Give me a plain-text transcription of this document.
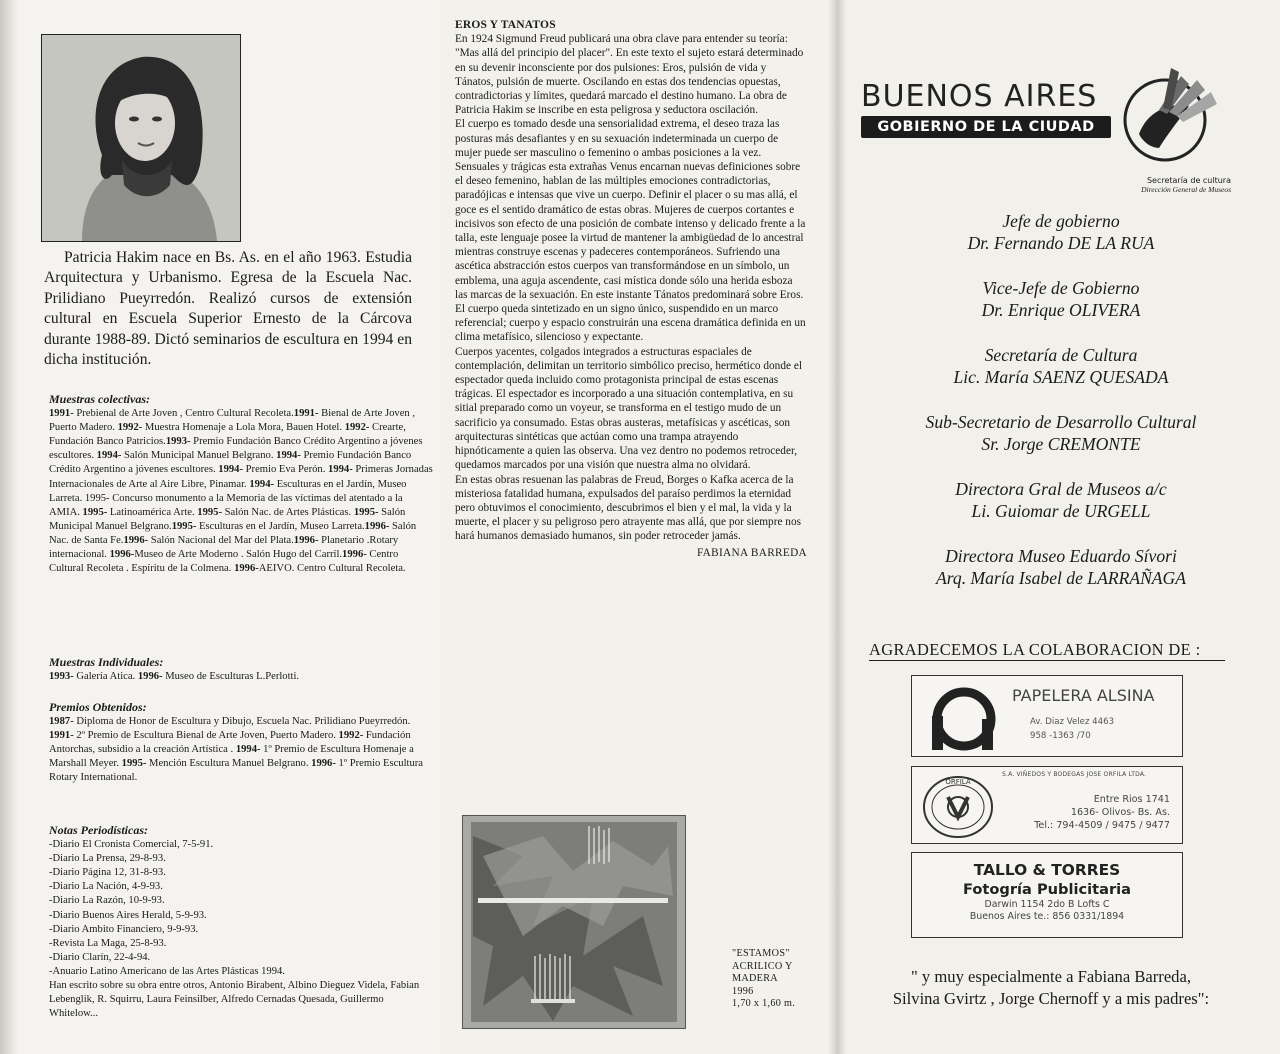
Patricia Hakim nace en Bs. As. en el año 1963. Estudia Arquitectura y Urbanismo. Egresa de la Escuela Nac. Prilidiano Pueyrredón. Realizó cursos de extensión cultural en Escuela Superior Ernesto de la Cárcova durante 1988-89. Dictó seminarios de escultura en 1994 en dicha institución.

Muestras colectivas:
1991- Prebienal de Arte Joven , Centro Cultural Recoleta.1991- Bienal de Arte Joven , Puerto Madero. 1992- Muestra Homenaje a Lola Mora, Bauen Hotel. 1992- Crearte, Fundación Banco Patricios.1993- Premio Fundación Banco Crédito Argentino a jóvenes escultores. 1994- Salón Municipal Manuel Belgrano. 1994- Premio Fundación Banco Crédito Argentino a jóvenes escultores. 1994- Premio Eva Perón. 1994- Primeras Jornadas Internacionales de Arte al Aire Libre, Pinamar. 1994- Esculturas en el Jardín, Museo Larreta. 1995- Concurso monumento a la Memoria de las víctimas del atentado a la AMIA. 1995- Latinoamérica Arte. 1995- Salón Nac. de Artes Plásticas. 1995- Salón Municipal Manuel Belgrano.1995- Esculturas en el Jardín, Museo Larreta.1996- Salón Nac. de Santa Fe.1996- Salón Nacional del Mar del Plata.1996- Planetario .Rotary internacional. 1996-Museo de Arte Moderno . Salón Hugo del Carril.1996- Centro Cultural Recoleta . Espíritu de la Colmena. 1996-AEIVO. Centro Cultural Recoleta.
Muestras Individuales:
1993- Galería Atica. 1996- Museo de Esculturas L.Perlotti.
Premios Obtenidos:
1987- Diploma de Honor de Escultura y Dibujo, Escuela Nac. Prilidiano Pueyrredón. 1991- 2º Premio de Escultura Bienal de Arte Joven, Puerto Madero. 1992- Fundación Antorchas, subsidio a la creación Artística . 1994- 1º Premio de Escultura Homenaje a Marshall Meyer. 1995- Mención Escultura Manuel Belgrano. 1996- 1º Premio Escultura Rotary International.
Notas Periodísticas:
-Diario El Cronista Comercial, 7-5-91.
-Diario La Prensa, 29-8-93.
-Diario Página 12, 31-8-93.
-Diario La Nación, 4-9-93.
-Diario La Razón, 10-9-93.
-Diario Buenos Aires Herald, 5-9-93.
-Diario Ambito Financiero, 9-9-93.
-Revista La Maga, 25-8-93.
-Diario Clarín, 22-4-94.
-Anuario Latino Americano de las Artes Plásticas 1994.
Han escrito sobre su obra entre otros, Antonio Birabent, Albino Dieguez Videla, Fabian Lebenglik, R. Squirru, Laura Feinsilber, Alfredo Cernadas Quesada, Guillermo Whitelow...
EROS Y TANATOS

En 1924 Sigmund Freud publicará una obra clave para entender su teoría: "Mas allá del principio del placer". En este texto el sujeto estará determinado en su devenir inconsciente por dos pulsiones: Eros, pulsión de vida y Tánatos, pulsión de muerte. Oscilando en estas dos tendencias opuestas, contradictorias y límites, quedará marcado el destino humano. La obra de Patricia Hakim se inscribe en esta peligrosa y seductora oscilación.

El cuerpo es tomado desde una sensorialidad extrema, el deseo traza las posturas más desafiantes y en su sexuación indeterminada un cuerpo de mujer puede ser masculino o femenino o ambas posiciones a la vez. Sensuales y trágicas esta extrañas Venus encarnan nuevas definiciones sobre el deseo femenino, hablan de las múltiples emociones contradictorias, paradójicas e intensas que vive un cuerpo. Definir el placer o su mas allá, el goce es el sentido dramático de estas obras. Mujeres de cuerpos cortantes e incisivos son efecto de una posición de combate intenso y delicado frente a la talla, este lenguaje posee la virtud de mantener la ambigüedad de lo ancestral mientras construye escenas y padeceres contemporáneos. Sufriendo una ascética abstracción estos cuerpos van transformándose en un símbolo, un emblema, una aguja ascendente, casi mística donde sólo una herida esboza las marcas de la sexuación. En este instante Tánatos predominará sobre Eros.

El cuerpo queda sintetizado en un signo único, suspendido en un marco referencial; cuerpo y espacio construirán una escena dramática definida en un clima metafísico, silencioso y expectante.

Cuerpos yacentes, colgados integrados a estructuras espaciales de contemplación, delimitan un territorio simbólico preciso, hermético donde el espectador queda incluido como protagonista principal de estas escenas trágicas. El espectador es incorporado a una situación contemplativa, en su sitial preparado como un voyeur, se transforma en el testigo mudo de un sacrificio ya consumado. Estas obras austeras, metafísicas y ascéticas, son arquitecturas sintéticas que actúan como una trampa atrayendo hipnóticamente a quien las observa. Una vez dentro no podemos retroceder, quedamos marcados por una visión que nuestra alma no olvidará.

En estas obras resuenan las palabras de Freud, Borges o Kafka acerca de la misteriosa fatalidad humana, expulsados del paraíso perdimos la eternidad pero obtuvimos el conocimiento, descubrimos el bien y el mal, la vida y la muerte, el placer y su peligroso pero atrayente mas allá, que por siempre nos hará humanos demasiado humanos, sin poder retroceder jamás.

FABIANA BARREDA
"ESTAMOS"
ACRILICO Y
MADERA
1996
1,70 x 1,60 m.
BUENOS AIRES
GOBIERNO DE LA CIUDAD
Secretaría de cultura
Dirección General de Museos
Jefe de gobierno
Dr. Fernando DE LA RUA
Vice-Jefe de Gobierno
Dr. Enrique OLIVERA
Secretaría de Cultura
Lic. María SAENZ QUESADA
Sub-Secretario de Desarrollo Cultural
Sr. Jorge CREMONTE
Directora Gral de Museos a/c
Li. Guiomar de URGELL
Directora Museo Eduardo Sívori
Arq. María Isabel de LARRAÑAGA
AGRADECEMOS LA COLABORACION DE :
PAPELERA ALSINA
Av. Diaz Velez 4463
958 -1363 /70
ORFILA
S.A. VIÑEDOS Y BODEGAS JOSE ORFILA LTDA.
Entre Rios 1741
1636- Olivos- Bs. As.
Tel.: 794-4509 / 9475 / 9477
TALLO & TORRES
Fotogría Publicitaria
Darwin 1154 2do B Lofts C
Buenos Aires te.: 856 0331/1894
" y muy especialmente a Fabiana Barreda,
Silvina Gvirtz , Jorge Chernoff y a mis padres":
